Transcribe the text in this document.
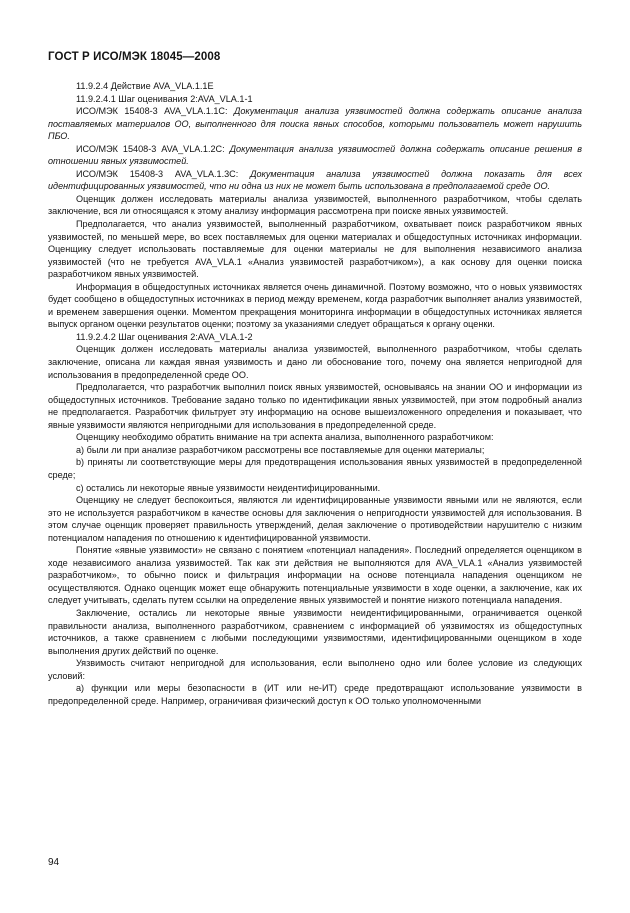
ГОСТ Р ИСО/МЭК 18045—2008

11.9.2.4 Действие AVA_VLA.1.1E

11.9.2.4.1 Шаг оценивания 2:AVA_VLA.1-1

ИСО/МЭК 15408-3 AVA_VLA.1.1C: Документация анализа уязвимостей должна содержать описание анализа поставляемых материалов ОО, выполненного для поиска явных способов, которыми пользователь может нарушить ПБО.

ИСО/МЭК 15408-3 AVA_VLA.1.2C: Документация анализа уязвимостей должна содержать описание решения в отношении явных уязвимостей.

ИСО/МЭК 15408-3 AVA_VLA.1.3C: Документация анализа уязвимостей должна показать для всех идентифицированных уязвимостей, что ни одна из них не может быть использована в предполагаемой среде ОО.

Оценщик должен исследовать материалы анализа уязвимостей, выполненного разработчиком, чтобы сделать заключение, вся ли относящаяся к этому анализу информация рассмотрена при поиске явных уязвимостей.

Предполагается, что анализ уязвимостей, выполненный разработчиком, охватывает поиск разработчиком явных уязвимостей, по меньшей мере, во всех поставляемых для оценки материалах и общедоступных источниках информации. Оценщику следует использовать поставляемые для оценки материалы не для выполнения независимого анализа уязвимостей (что не требуется AVA_VLA.1 «Анализ уязвимостей разработчиком»), а как основу для оценки поиска разработчиком явных уязвимостей.

Информация в общедоступных источниках является очень динамичной. Поэтому возможно, что о новых уязвимостях будет сообщено в общедоступных источниках в период между временем, когда разработчик выполняет анализ уязвимостей, и временем завершения оценки. Моментом прекращения мониторинга информации в общедоступных источниках является выпуск органом оценки результатов оценки; поэтому за указаниями следует обращаться к органу оценки.

11.9.2.4.2 Шаг оценивания 2:AVA_VLA.1-2

Оценщик должен исследовать материалы анализа уязвимостей, выполненного разработчиком, чтобы сделать заключение, описана ли каждая явная уязвимость и дано ли обоснование того, почему она является непригодной для использования в предопределенной среде ОО.

Предполагается, что разработчик выполнил поиск явных уязвимостей, основываясь на знании ОО и информации из общедоступных источников. Требование задано только по идентификации явных уязвимостей, при этом подробный анализ не предполагается. Разработчик фильтрует эту информацию на основе вышеизложенного определения и показывает, что явные уязвимости являются непригодными для использования в предопределенной среде.

Оценщику необходимо обратить внимание на три аспекта анализа, выполненного разработчиком:

a) были ли при анализе разработчиком рассмотрены все поставляемые для оценки материалы;

b) приняты ли соответствующие меры для предотвращения использования явных уязвимостей в предопределенной среде;

c) остались ли некоторые явные уязвимости неидентифицированными.

Оценщику не следует беспокоиться, являются ли идентифицированные уязвимости явными или не являются, если это не используется разработчиком в качестве основы для заключения о непригодности уязвимостей для использования. В этом случае оценщик проверяет правильность утверждений, делая заключение о противодействии нарушителю с низким потенциалом нападения по отношению к идентифицированной уязвимости.

Понятие «явные уязвимости» не связано с понятием «потенциал нападения». Последний определяется оценщиком в ходе независимого анализа уязвимостей. Так как эти действия не выполняются для AVA_VLA.1 «Анализ уязвимостей разработчиком», то обычно поиск и фильтрация информации на основе потенциала нападения оценщиком не осуществляются. Однако оценщик может еще обнаружить потенциальные уязвимости в ходе оценки, а заключение, как их следует учитывать, сделать путем ссылки на определение явных уязвимостей и понятие низкого потенциала нападения.

Заключение, остались ли некоторые явные уязвимости неидентифицированными, ограничивается оценкой правильности анализа, выполненного разработчиком, сравнением с информацией об уязвимостях из общедоступных источников, а также сравнением с любыми последующими уязвимостями, идентифицированными оценщиком в ходе выполнения других действий по оценке.

Уязвимость считают непригодной для использования, если выполнено одно или более условие из следующих условий:

a) функции или меры безопасности в (ИТ или не-ИТ) среде предотвращают использование уязвимости в предопределенной среде. Например, ограничивая физический доступ к ОО только уполномоченными

94
